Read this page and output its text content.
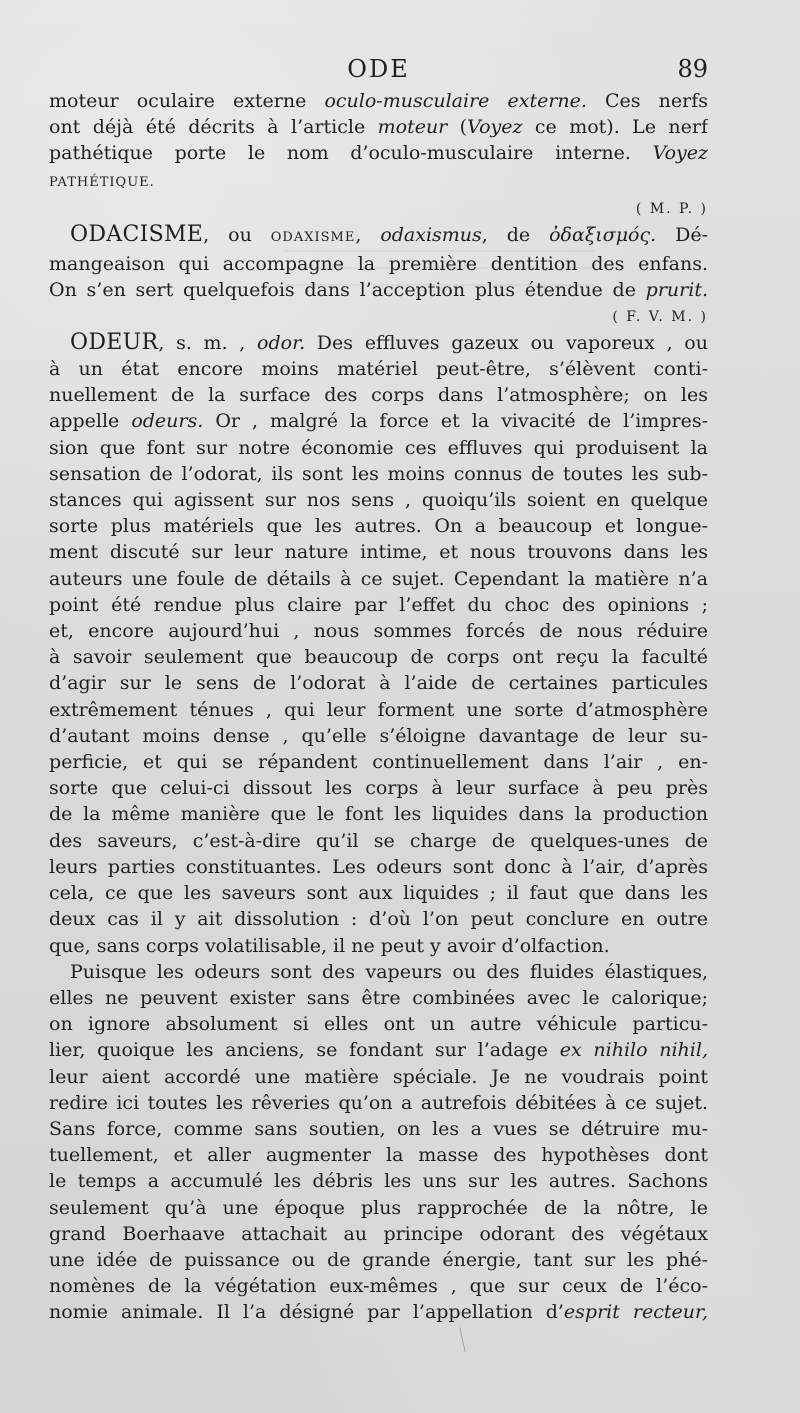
ODE	89
moteur oculaire externe oculo-musculaire externe. Ces nerfs
ont déjà été décrits à l’article moteur (Voyez ce mot). Le nerf
pathétique porte le nom d’oculo-musculaire interne. Voyez
PATHÉTIQUE.
( M. P. )
ODACISME, ou ODAXISME, odaxismus, de ὀδαξισμός. Dé-
mangeaison qui accompagne la première dentition des enfans.
On s’en sert quelquefois dans l’acception plus étendue de prurit.
( F. V. M. )
ODEUR, s. m. , odor. Des effluves gazeux ou vaporeux , ou
à un état encore moins matériel peut-être, s’élèvent conti-
nuellement de la surface des corps dans l’atmosphère; on les
appelle odeurs. Or , malgré la force et la vivacité de l’impres-
sion que font sur notre économie ces effluves qui produisent la
sensation de l’odorat, ils sont les moins connus de toutes les sub-
stances qui agissent sur nos sens , quoiqu’ils soient en quelque
sorte plus matériels que les autres. On a beaucoup et longue-
ment discuté sur leur nature intime, et nous trouvons dans les
auteurs une foule de détails à ce sujet. Cependant la matière n’a
point été rendue plus claire par l’effet du choc des opinions ;
et, encore aujourd’hui , nous sommes forcés de nous réduire
à savoir seulement que beaucoup de corps ont reçu la faculté
d’agir sur le sens de l’odorat à l’aide de certaines particules
extrêmement ténues , qui leur forment une sorte d’atmosphère
d’autant moins dense , qu’elle s’éloigne davantage de leur su-
perficie, et qui se répandent continuellement dans l’air , en-
sorte que celui-ci dissout les corps à leur surface à peu près
de la même manière que le font les liquides dans la production
des saveurs, c’est-à-dire qu’il se charge de quelques-unes de
leurs parties constituantes. Les odeurs sont donc à l’air, d’après
cela, ce que les saveurs sont aux liquides ; il faut que dans les
deux cas il y ait dissolution : d’où l’on peut conclure en outre
que, sans corps volatilisable, il ne peut y avoir d’olfaction.
Puisque les odeurs sont des vapeurs ou des fluides élastiques,
elles ne peuvent exister sans être combinées avec le calorique;
on ignore absolument si elles ont un autre véhicule particu-
lier, quoique les anciens, se fondant sur l’adage ex nihilo nihil,
leur aient accordé une matière spéciale. Je ne voudrais point
redire ici toutes les rêveries qu’on a autrefois débitées à ce sujet.
Sans force, comme sans soutien, on les a vues se détruire mu-
tuellement, et aller augmenter la masse des hypothèses dont
le temps a accumulé les débris les uns sur les autres. Sachons
seulement qu’à une époque plus rapprochée de la nôtre, le
grand Boerhaave attachait au principe odorant des végétaux
une idée de puissance ou de grande énergie, tant sur les phé-
nomènes de la végétation eux-mêmes , que sur ceux de l’éco-
nomie animale. Il l’a désigné par l’appellation d’esprit recteur,
